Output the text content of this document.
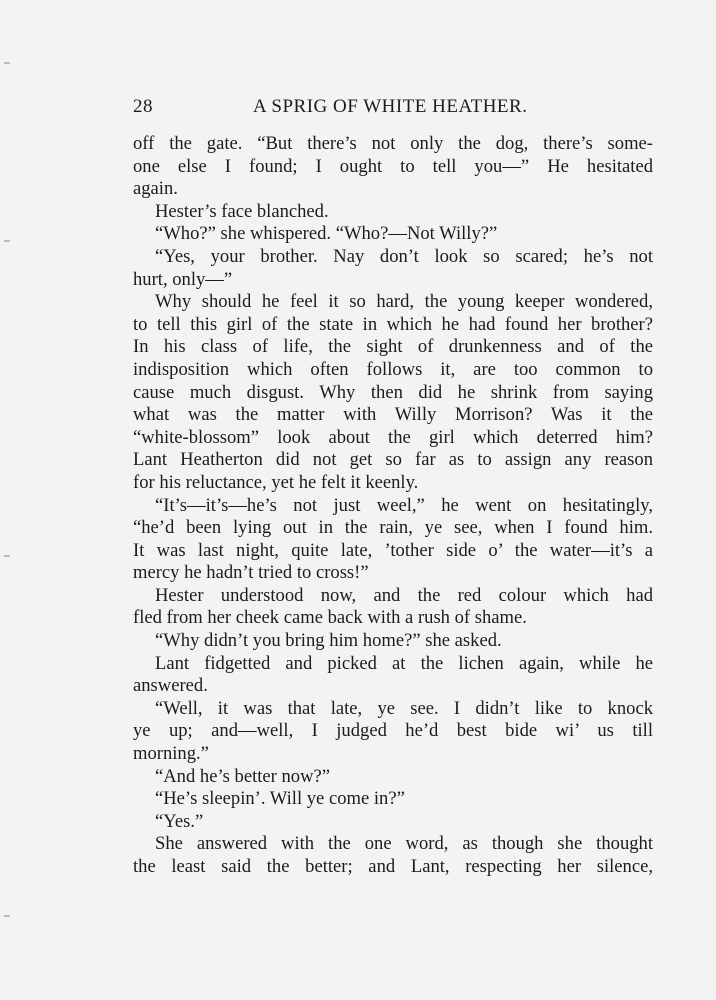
28	A SPRIG OF WHITE HEATHER.
off the gate. “But there’s not only the dog, there’s some-
one else I found; I ought to tell you—” He hesitated
again.
Hester’s face blanched.
“Who?” she whispered. “Who?—Not Willy?”
“Yes, your brother. Nay don’t look so scared; he’s not
hurt, only—”
Why should he feel it so hard, the young keeper wondered,
to tell this girl of the state in which he had found her brother?
In his class of life, the sight of drunkenness and of the
indisposition which often follows it, are too common to
cause much disgust. Why then did he shrink from saying
what was the matter with Willy Morrison? Was it the
“white-blossom” look about the girl which deterred him?
Lant Heatherton did not get so far as to assign any reason
for his reluctance, yet he felt it keenly.
“It’s—it’s—he’s not just weel,” he went on hesitatingly,
“he’d been lying out in the rain, ye see, when I found him.
It was last night, quite late, ’tother side o’ the water—it’s a
mercy he hadn’t tried to cross!”
Hester understood now, and the red colour which had
fled from her cheek came back with a rush of shame.
“Why didn’t you bring him home?” she asked.
Lant fidgetted and picked at the lichen again, while he
answered.
“Well, it was that late, ye see. I didn’t like to knock
ye up; and—well, I judged he’d best bide wi’ us till
morning.”
“And he’s better now?”
“He’s sleepin’. Will ye come in?”
“Yes.”
She answered with the one word, as though she thought
the least said the better; and Lant, respecting her silence,
